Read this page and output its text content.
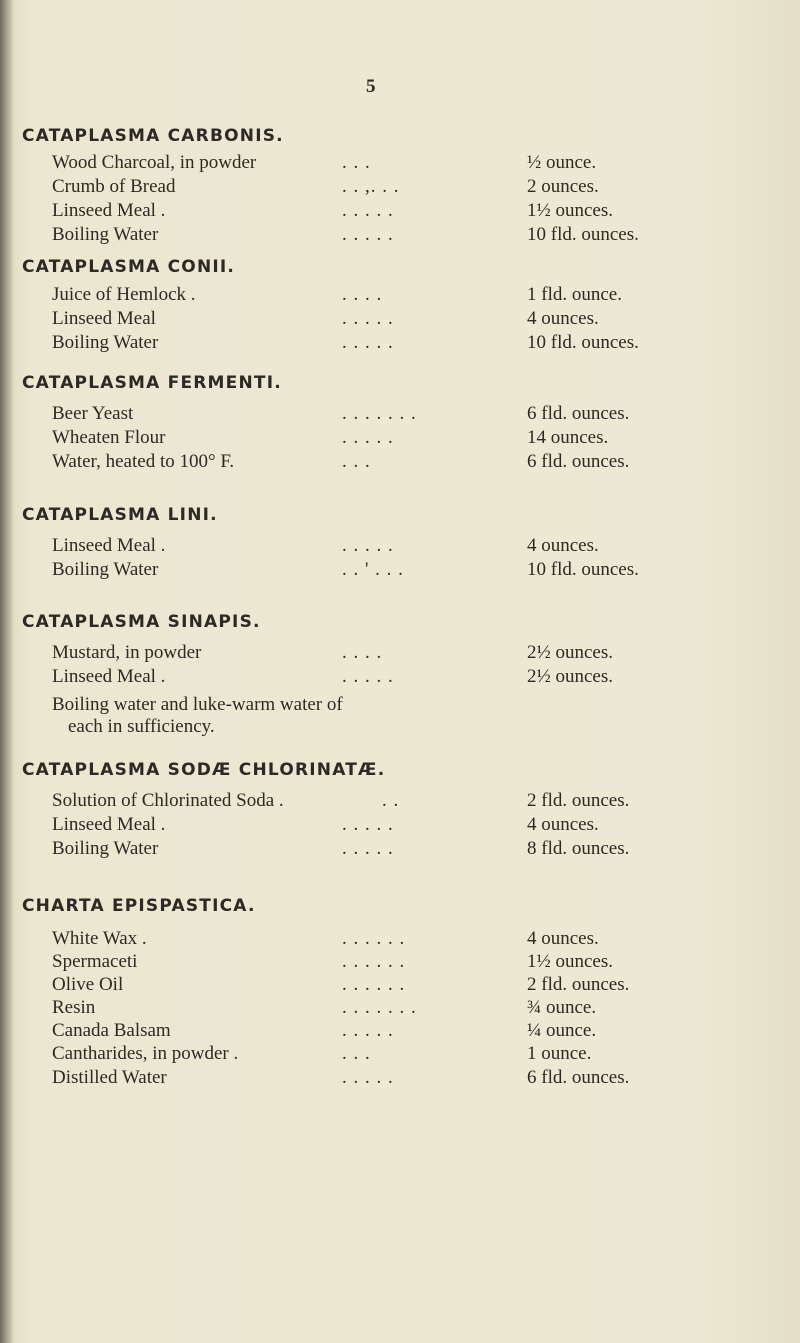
5
CATAPLASMA CARBONIS.
Wood Charcoal, in powder	. . .	½ ounce.
Crumb of Bread	. . ,. . .	2 ounces.
Linseed Meal .	. . . . .	1½ ounces.
Boiling Water	. . . . .	10 fld. ounces.
CATAPLASMA CONII.
Juice of Hemlock .	. . . .	1 fld. ounce.
Linseed Meal	. . . . .	4 ounces.
Boiling Water	. . . . .	10 fld. ounces.
CATAPLASMA FERMENTI.
Beer Yeast	. . . . . . .	6 fld. ounces.
Wheaten Flour	. . . . .	14 ounces.
Water, heated to 100° F.	. . .	6 fld. ounces.
CATAPLASMA LINI.
Linseed Meal .	. . . . .	4 ounces.
Boiling Water	. . ' . . .	10 fld. ounces.
CATAPLASMA SINAPIS.
Mustard, in powder	. . . .	2½ ounces.
Linseed Meal .	. . . . .	2½ ounces.
Boiling water and luke-warm water of
each in sufficiency.
CATAPLASMA SODÆ CHLORINATÆ.
Solution of Chlorinated Soda .	. .	2 fld. ounces.
Linseed Meal .	. . . . .	4 ounces.
Boiling Water	. . . . .	8 fld. ounces.
CHARTA EPISPASTICA.
White Wax .	. . . . . .	4 ounces.
Spermaceti	. . . . . .	1½ ounces.
Olive Oil	. . . . . .	2 fld. ounces.
Resin	. . . . . . .	¾ ounce.
Canada Balsam	. . . . .	¼ ounce.
Cantharides, in powder .	. . .	1 ounce.
Distilled Water	. . . . .	6 fld. ounces.
